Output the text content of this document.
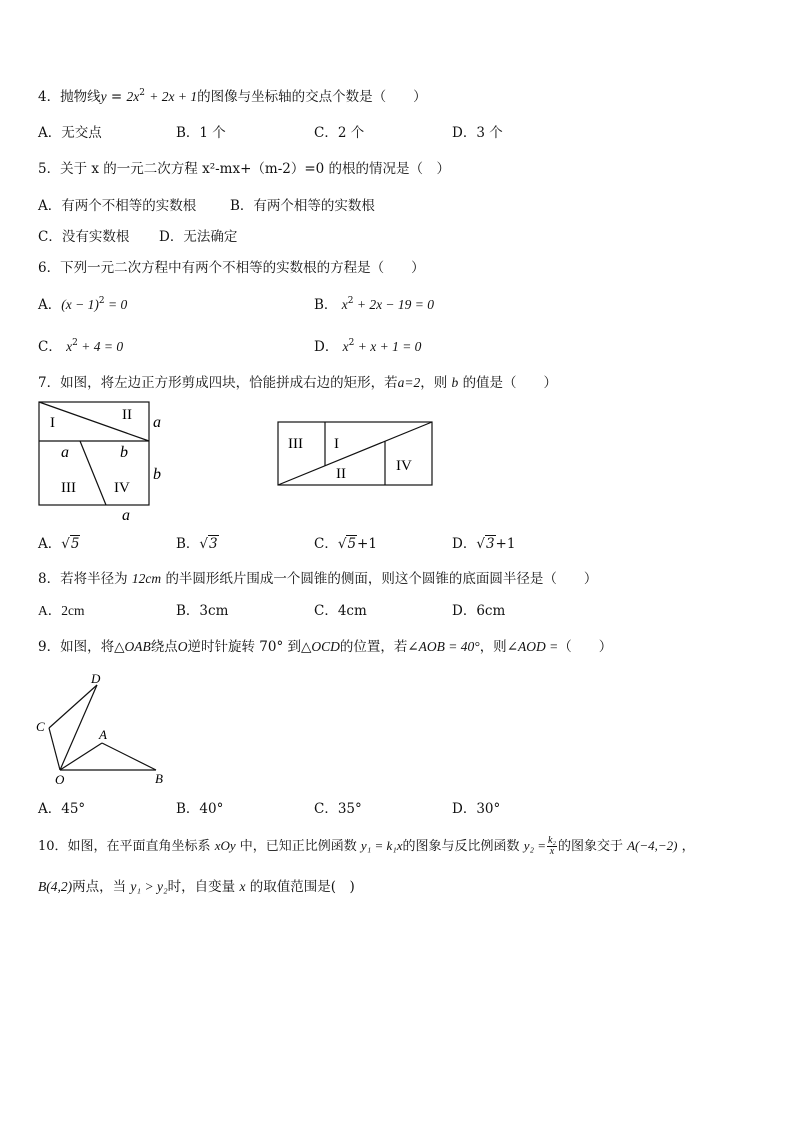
4．抛物线$y = 2x^2 + 2x + 1$的图像与坐标轴的交点个数是（　　）
A．无交点	B．1 个	C．2 个	D．3 个
5．关于 x 的一元二次方程 x²-mx+（m-2）=0 的根的情况是（　）
A．有两个不相等的实数根	B．有两个相等的实数根
C．没有实数根 D．无法确定
6．下列一元二次方程中有两个不相等的实数根的方程是（　　）
A．$(x - 1)^2 = 0$	B． $x^2 + 2x - 19 = 0$
C． $x^2 + 4 = 0$	D． $x^2 + x + 1 = 0$
7．如图，将左边正方形剪成四块，恰能拼成右边的矩形，若a=2，则 b 的值是（　　）
I	II
III	IV
a
b
a	b
a
III I
II	IV
A．√5	B．√3	C．√5+1	D．√3+1
8．若将半径为 12cm 的半圆形纸片围成一个圆锥的侧面，则这个圆锥的底面圆半径是（　　）
A．2cm	B．3cm	C．4cm	D．6cm
9．如图，将△OAB绕点O逆时针旋转 70° 到△OCD的位置，若∠AOB = 40°，则∠AOD =（　　）
D
C
A
O	B
A．45°	B．40°	C．35°	D．30°
10．如图，在平面直角坐标系 xOy 中，已知正比例函数 y₁ = k₁x的图象与反比例函数 $y_2 = \frac{\text{k₂}}{x}$ 的图象交于 A(−4,−2) ，
B(4,2)两点，当 y₁ > y₂时，自变量 x 的取值范围是(　)
